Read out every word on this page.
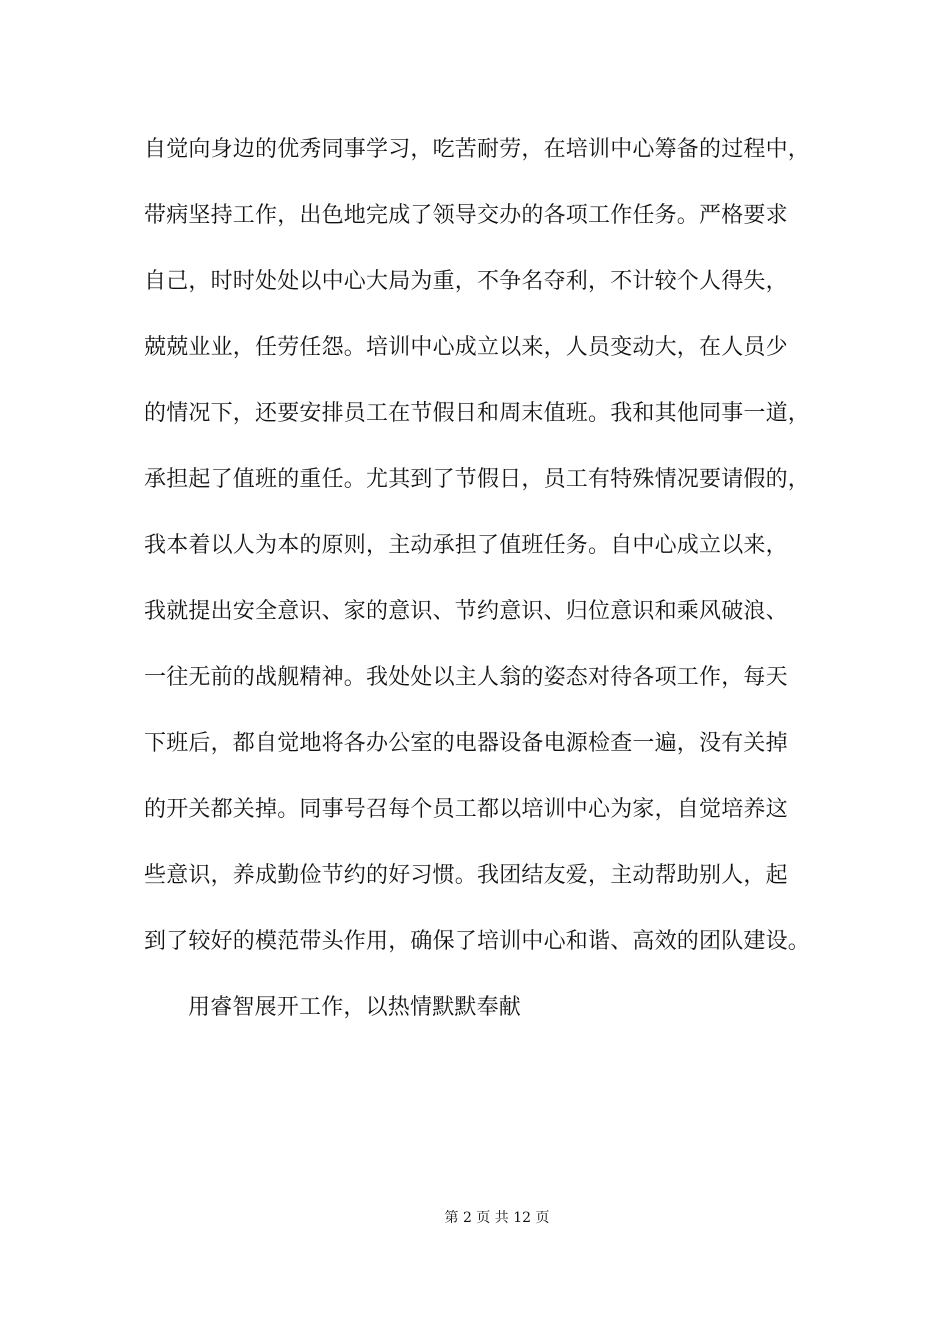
自觉向身边的优秀同事学习，吃苦耐劳，在培训中心筹备的过程中，
带病坚持工作，出色地完成了领导交办的各项工作任务。严格要求
自己，时时处处以中心大局为重，不争名夺利，不计较个人得失，
兢兢业业，任劳任怨。培训中心成立以来，人员变动大，在人员少
的情况下，还要安排员工在节假日和周末值班。我和其他同事一道，
承担起了值班的重任。尤其到了节假日，员工有特殊情况要请假的，
我本着以人为本的原则，主动承担了值班任务。自中心成立以来，
我就提出安全意识、家的意识、节约意识、归位意识和乘风破浪、
一往无前的战舰精神。我处处以主人翁的姿态对待各项工作，每天
下班后，都自觉地将各办公室的电器设备电源检查一遍，没有关掉
的开关都关掉。同事号召每个员工都以培训中心为家，自觉培养这
些意识，养成勤俭节约的好习惯。我团结友爱，主动帮助别人，起
到了较好的模范带头作用，确保了培训中心和谐、高效的团队建设。
用睿智展开工作，以热情默默奉献
第 2 页 共 12 页
